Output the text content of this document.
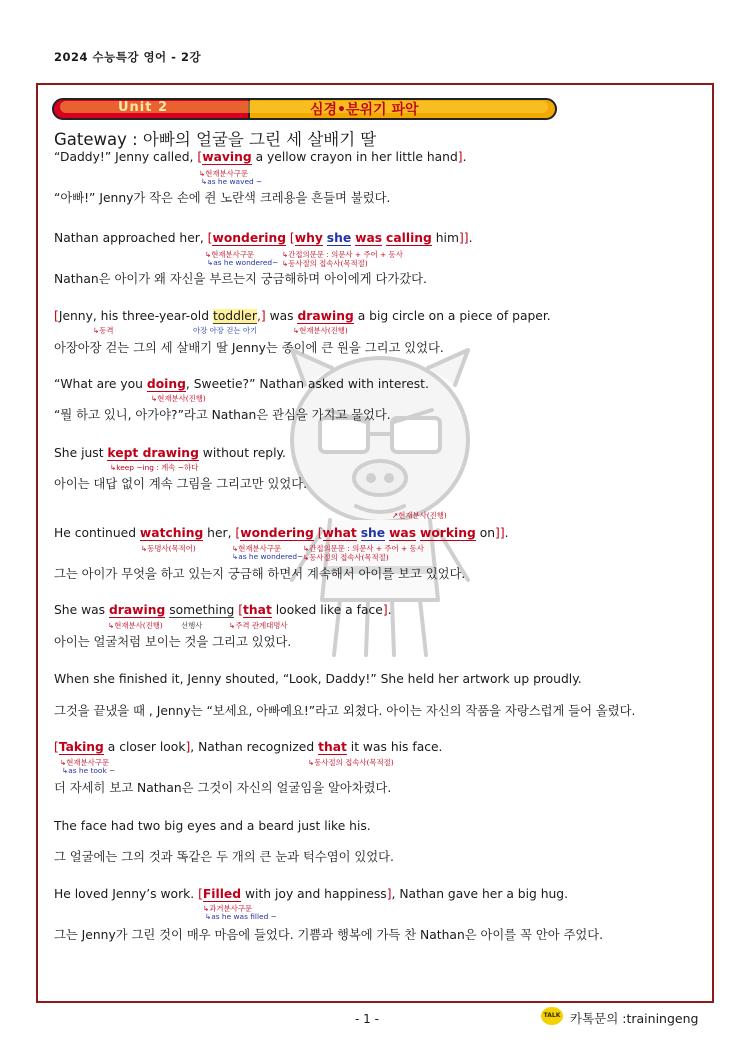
2024 수능특강 영어 - 2강
Unit 2	심경•분위기 파악
Gateway : 아빠의 얼굴을 그린 세 살배기 딸
“Daddy!” Jenny called, [waving a yellow crayon in her little hand].
↳현재분사구문
↳as he waved ~
“아빠!” Jenny가 작은 손에 쥔 노란색 크레용을 흔들며 불렀다.
Nathan approached her, [wondering [why she was calling him]].
↳현재분사구문
↳as he wondered~
↳간접의문문 : 의문사 + 주어 + 동사
↳동사절의 접속사(목적절)
Nathan은 아이가 왜 자신을 부르는지 궁금해하며 아이에게 다가갔다.
[Jenny, his three-year-old toddler,] was drawing a big circle on a piece of paper.
↳동격	아장 아장 걷는 아기	↳현재분사(진행)
아장아장 걷는 그의 세 살배기 딸 Jenny는 종이에 큰 원을 그리고 있었다.
“What are you doing, Sweetie?” Nathan asked with interest.
↳현재분사(진행)
“뭘 하고 있니, 아가야?”라고 Nathan은 관심을 가지고 물었다.
She just kept drawing without reply.
↳keep ~ing : 계속 ~하다
아이는 대답 없이 계속 그림을 그리고만 있었다.
↗현재분사(진행)
He continued watching her, [wondering [what she was working on]].
↳동명사(목적어)	↳현재분사구문
↳as he wondered~
↳간접의문문 : 의문사 + 주어 + 동사
↳동사절의 접속사(목적절)
그는 아이가 무엇을 하고 있는지 궁금해 하면서 계속해서 아이를 보고 있었다.
She was drawing something [that looked like a face].
↳현재분사(진행) 선행사	↳주격 관계대명사
아이는 얼굴처럼 보이는 것을 그리고 있었다.
When she finished it, Jenny shouted, “Look, Daddy!” She held her artwork up proudly.
그것을 끝냈을 때 , Jenny는 “보세요, 아빠예요!”라고 외쳤다. 아이는 자신의 작품을 자랑스럽게 들어 올렸다.
[Taking a closer look], Nathan recognized that it was his face.
↳현재분사구문
↳as he took ~
↳동사절의 접속사(목적절)
더 자세히 보고 Nathan은 그것이 자신의 얼굴임을 알아차렸다.
The face had two big eyes and a beard just like his.
그 얼굴에는 그의 것과 똑같은 두 개의 큰 눈과 턱수염이 있었다.
He loved Jenny’s work. [Filled with joy and happiness], Nathan gave her a big hug.
↳과거분사구문
↳as he was filled ~
그는 Jenny가 그린 것이 매우 마음에 들었다. 기쁨과 행복에 가득 찬 Nathan은 아이를 꼭 안아 주었다.
- 1 -	TALK 카톡문의 :trainingeng
